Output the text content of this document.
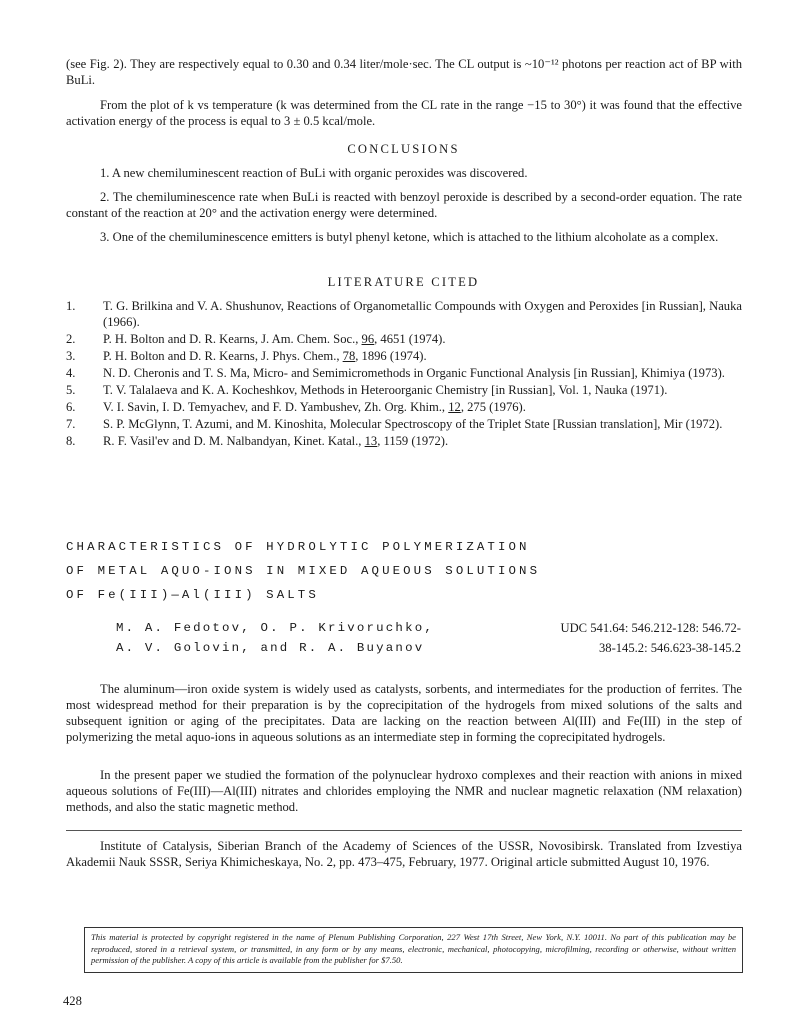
(see Fig. 2). They are respectively equal to 0.30 and 0.34 liter/mole·sec. The CL output is ~10⁻¹² photons per reaction act of BP with BuLi.

From the plot of k vs temperature (k was determined from the CL rate in the range −15 to 30°) it was found that the effective activation energy of the process is equal to 3 ± 0.5 kcal/mole.

CONCLUSIONS

1. A new chemiluminescent reaction of BuLi with organic peroxides was discovered.

2. The chemiluminescence rate when BuLi is reacted with benzoyl peroxide is described by a second-order equation. The rate constant of the reaction at 20° and the activation energy were determined.

3. One of the chemiluminescence emitters is butyl phenyl ketone, which is attached to the lithium alcoholate as a complex.

LITERATURE CITED
1. T. G. Brilkina and V. A. Shushunov, Reactions of Organometallic Compounds with Oxygen and Peroxides [in Russian], Nauka (1966).
2. P. H. Bolton and D. R. Kearns, J. Am. Chem. Soc., 96, 4651 (1974).
3. P. H. Bolton and D. R. Kearns, J. Phys. Chem., 78, 1896 (1974).
4. N. D. Cheronis and T. S. Ma, Micro- and Semimicromethods in Organic Functional Analysis [in Russian], Khimiya (1973).
5. T. V. Talalaeva and K. A. Kocheshkov, Methods in Heteroorganic Chemistry [in Russian], Vol. 1, Nauka (1971).
6. V. I. Savin, I. D. Temyachev, and F. D. Yambushev, Zh. Org. Khim., 12, 275 (1976).
7. S. P. McGlynn, T. Azumi, and M. Kinoshita, Molecular Spectroscopy of the Triplet State [Russian translation], Mir (1972).
8. R. F. Vasil'ev and D. M. Nalbandyan, Kinet. Katal., 13, 1159 (1972).
CHARACTERISTICS OF HYDROLYTIC POLYMERIZATION
OF METAL AQUO-IONS IN MIXED AQUEOUS SOLUTIONS
OF Fe(III)—Al(III) SALTS
M. A. Fedotov, O. P. Krivoruchko,
A. V. Golovin, and R. A. Buyanov
UDC 541.64: 546.212-128: 546.72-
38-145.2: 546.623-38-145.2

The aluminum—iron oxide system is widely used as catalysts, sorbents, and intermediates for the production of ferrites. The most widespread method for their preparation is by the coprecipitation of the hydrogels from mixed solutions of the salts and subsequent ignition or aging of the precipitates. Data are lacking on the reaction between Al(III) and Fe(III) in the step of polymerizing the metal aquo-ions in aqueous solutions as an intermediate step in forming the coprecipitated hydrogels.

In the present paper we studied the formation of the polynuclear hydroxo complexes and their reaction with anions in mixed aqueous solutions of Fe(III)—Al(III) nitrates and chlorides employing the NMR and nuclear magnetic relaxation (NM relaxation) methods, and also the static magnetic method.

Institute of Catalysis, Siberian Branch of the Academy of Sciences of the USSR, Novosibirsk. Translated from Izvestiya Akademii Nauk SSSR, Seriya Khimicheskaya, No. 2, pp. 473–475, February, 1977. Original article submitted August 10, 1976.

This material is protected by copyright registered in the name of Plenum Publishing Corporation, 227 West 17th Street, New York, N.Y. 10011. No part of this publication may be reproduced, stored in a retrieval system, or transmitted, in any form or by any means, electronic, mechanical, photocopying, microfilming, recording or otherwise, without written permission of the publisher. A copy of this article is available from the publisher for $7.50.
428
